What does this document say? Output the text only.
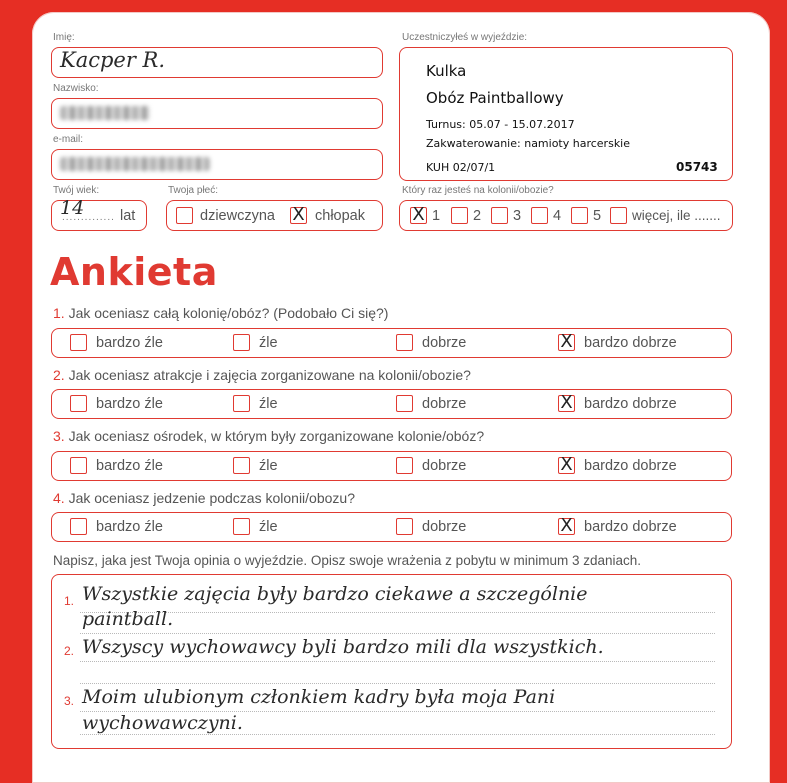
Imię:
Kacper R.
Nazwisko:
e-mail:
Twój wiek:
14
.............. lat
Twoja płeć:
dziewczyna X chłopak
Uczestniczyłeś w wyjeździe:
Kulka
Obóz Paintballowy
Turnus: 05.07 - 15.07.2017
Zakwaterowanie: namioty harcerskie
KUH 02/07/1	05743
Który raz jesteś na kolonii/obozie?
X 1 2 3 4 5 więcej, ile .......
Ankieta
1. Jak oceniasz całą kolonię/obóz? (Podobało Ci się?)
bardzo źle	źle	dobrze	X bardzo dobrze
2. Jak oceniasz atrakcje i zajęcia zorganizowane na kolonii/obozie?
bardzo źle	źle	dobrze	X bardzo dobrze
3. Jak oceniasz ośrodek, w którym były zorganizowane kolonie/obóz?
bardzo źle	źle	dobrze	X bardzo dobrze
4. Jak oceniasz jedzenie podczas kolonii/obozu?
bardzo źle	źle	dobrze	X bardzo dobrze
Napisz, jaka jest Twoja opinia o wyjeździe. Opisz swoje wrażenia z pobytu w minimum 3 zdaniach.
1. Wszystkie zajęcia były bardzo ciekawe a szczególnie
paintball.
2. Wszyscy wychowawcy byli bardzo mili dla wszystkich.
3. Moim ulubionym członkiem kadry była moja Pani
wychowawczyni.
